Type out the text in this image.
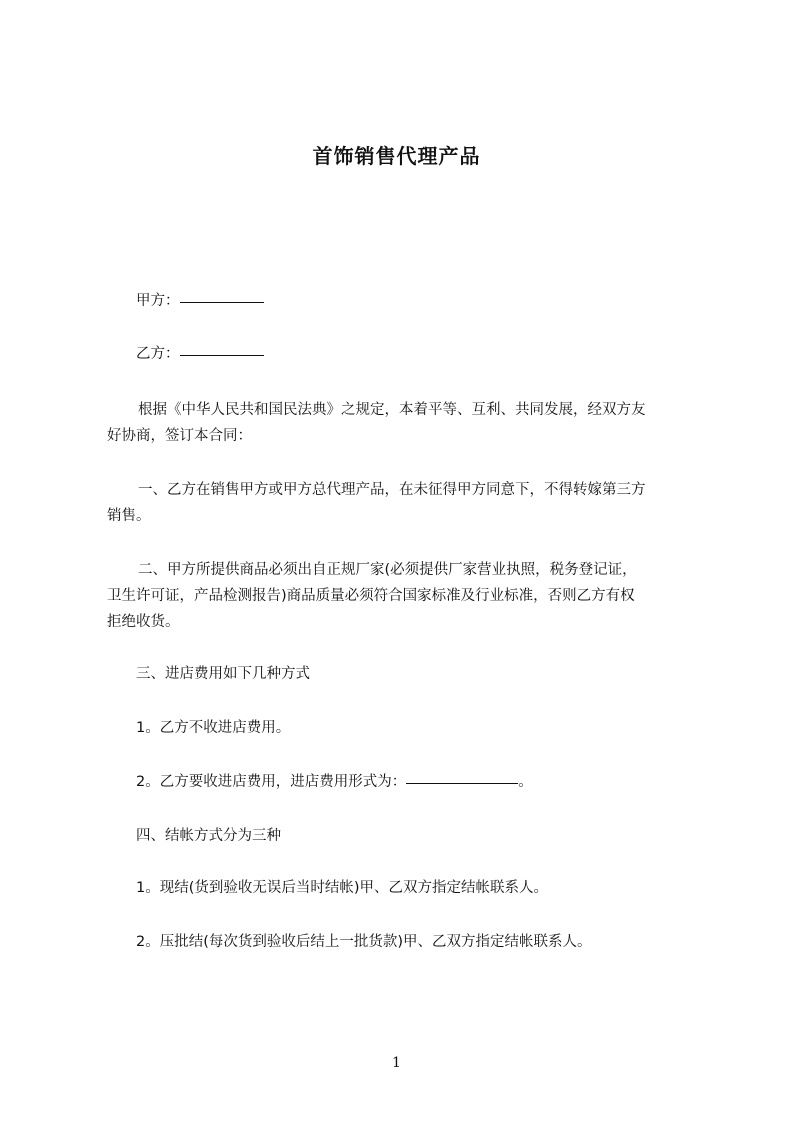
首饰销售代理产品
甲方：
乙方：
根据《中华人民共和国民法典》之规定，本着平等、互利、共同发展，经双方友
好协商，签订本合同：
一、乙方在销售甲方或甲方总代理产品，在未征得甲方同意下，不得转嫁第三方
销售。
二、甲方所提供商品必须出自正规厂家(必须提供厂家营业执照，税务登记证，
卫生许可证，产品检测报告)商品质量必须符合国家标准及行业标准，否则乙方有权
拒绝收货。
三、进店费用如下几种方式
1。乙方不收进店费用。
2。乙方要收进店费用，进店费用形式为：	。
四、结帐方式分为三种
1。现结(货到验收无误后当时结帐)甲、乙双方指定结帐联系人。
2。压批结(每次货到验收后结上一批货款)甲、乙双方指定结帐联系人。
1
